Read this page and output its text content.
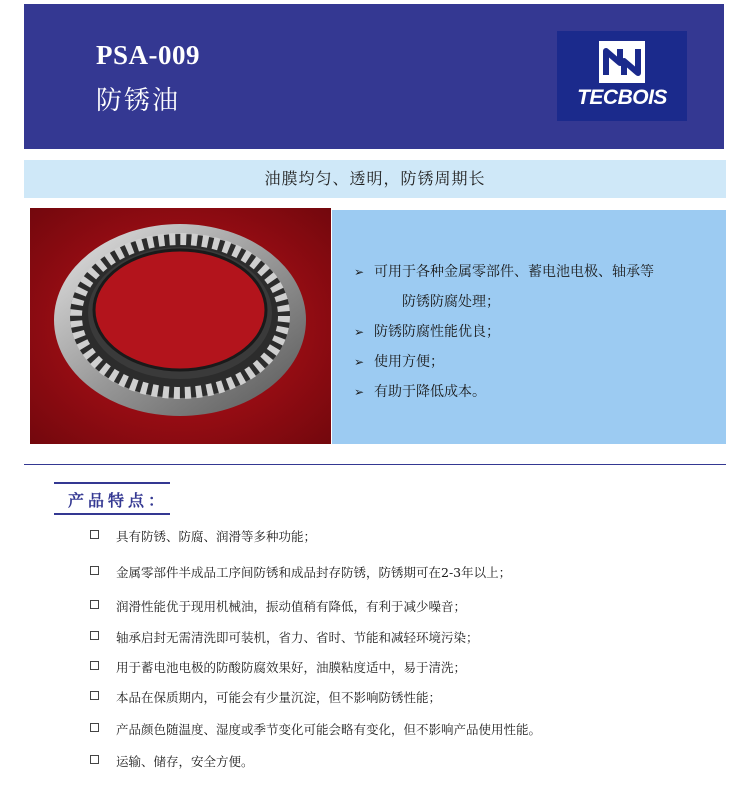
PSA-009
防锈油	TECBOIS
油膜均匀、透明，防锈周期长
➢ 可用于各种金属零部件、蓄电池电极、轴承等
防锈防腐处理；
➢ 防锈防腐性能优良；
➢ 使用方便；
➢ 有助于降低成本。
产品特点：
具有防锈、防腐、润滑等多种功能；
金属零部件半成品工序间防锈和成品封存防锈，防锈期可在2-3年以上；
润滑性能优于现用机械油，振动值稍有降低，有利于减少噪音；
轴承启封无需清洗即可装机，省力、省时、节能和减轻环境污染；
用于蓄电池电极的防酸防腐效果好，油膜粘度适中，易于清洗；
本品在保质期内，可能会有少量沉淀，但不影响防锈性能；
产品颜色随温度、湿度或季节变化可能会略有变化，但不影响产品使用性能。
运输、储存，安全方便。
